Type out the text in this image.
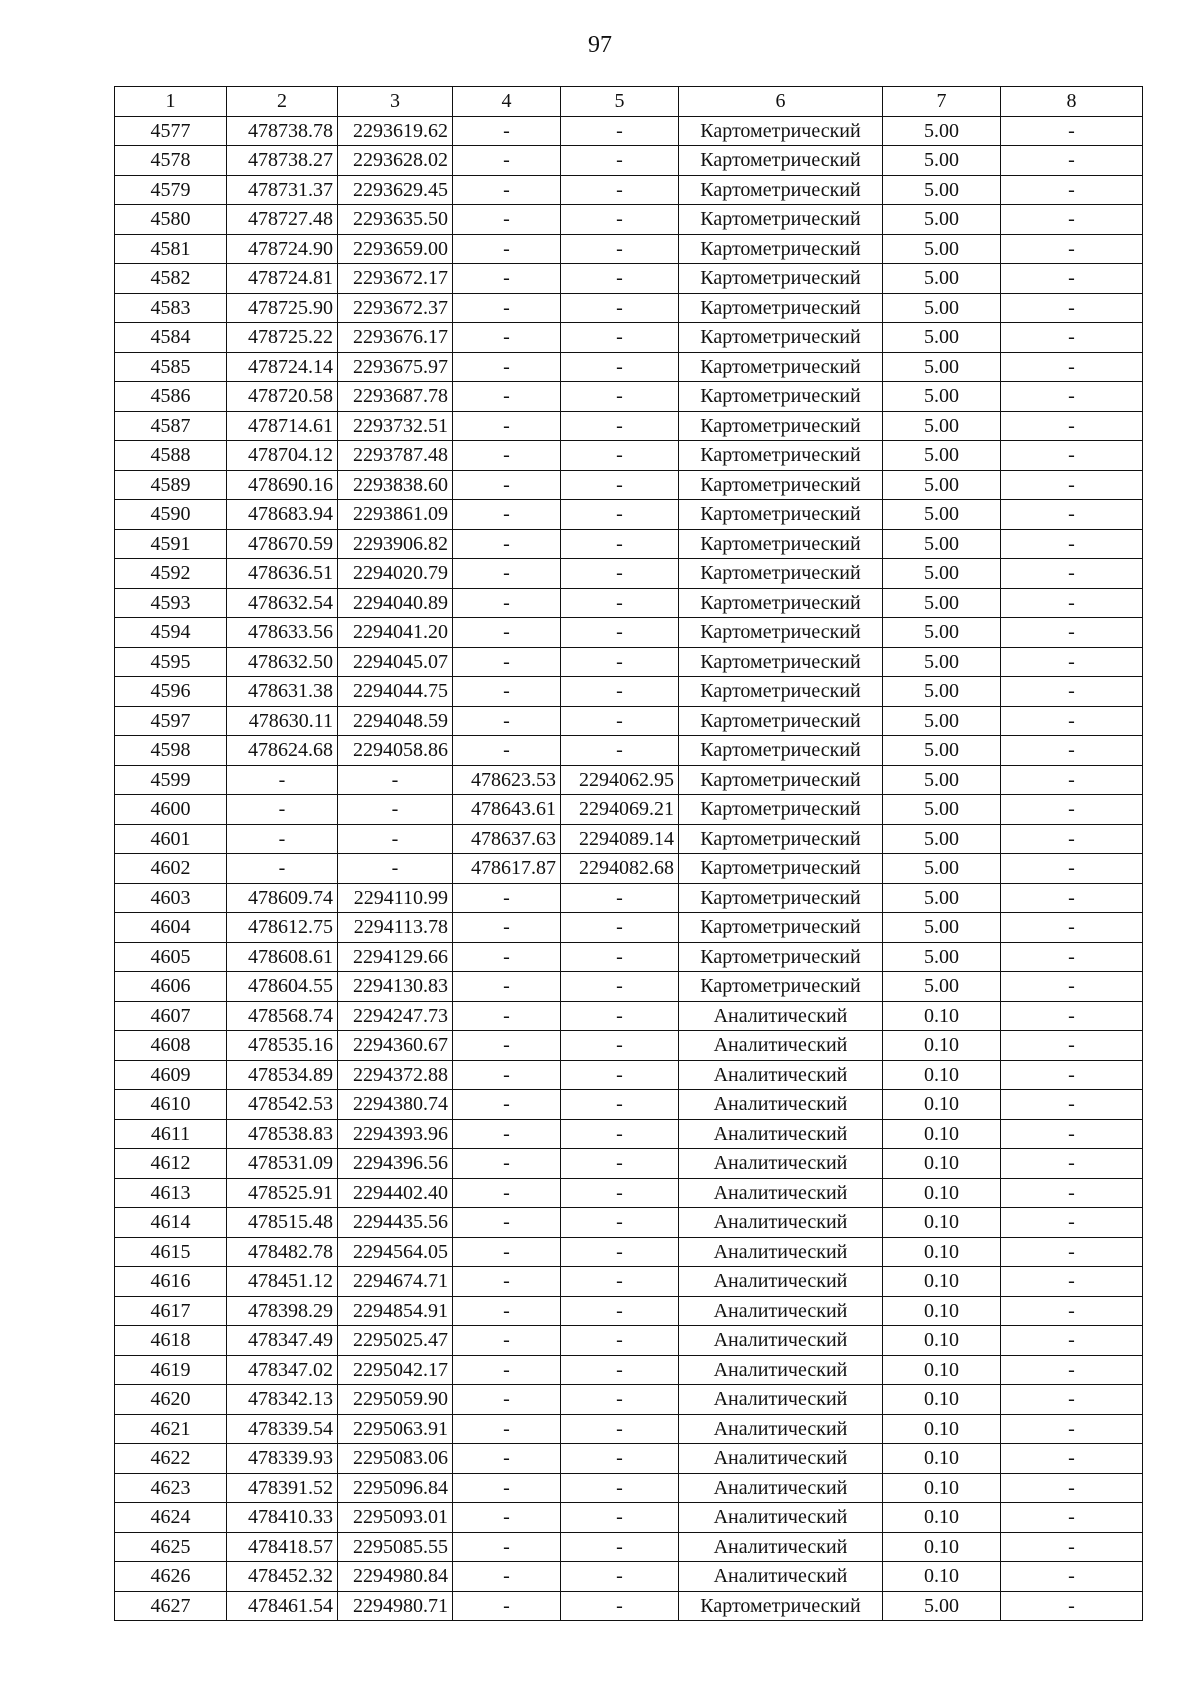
97
1	2	3	4	5	6	7	8
4577	478738.78	2293619.62	-	-	Картометрический	5.00	-
4578	478738.27	2293628.02	-	-	Картометрический	5.00	-
4579	478731.37	2293629.45	-	-	Картометрический	5.00	-
4580	478727.48	2293635.50	-	-	Картометрический	5.00	-
4581	478724.90	2293659.00	-	-	Картометрический	5.00	-
4582	478724.81	2293672.17	-	-	Картометрический	5.00	-
4583	478725.90	2293672.37	-	-	Картометрический	5.00	-
4584	478725.22	2293676.17	-	-	Картометрический	5.00	-
4585	478724.14	2293675.97	-	-	Картометрический	5.00	-
4586	478720.58	2293687.78	-	-	Картометрический	5.00	-
4587	478714.61	2293732.51	-	-	Картометрический	5.00	-
4588	478704.12	2293787.48	-	-	Картометрический	5.00	-
4589	478690.16	2293838.60	-	-	Картометрический	5.00	-
4590	478683.94	2293861.09	-	-	Картометрический	5.00	-
4591	478670.59	2293906.82	-	-	Картометрический	5.00	-
4592	478636.51	2294020.79	-	-	Картометрический	5.00	-
4593	478632.54	2294040.89	-	-	Картометрический	5.00	-
4594	478633.56	2294041.20	-	-	Картометрический	5.00	-
4595	478632.50	2294045.07	-	-	Картометрический	5.00	-
4596	478631.38	2294044.75	-	-	Картометрический	5.00	-
4597	478630.11	2294048.59	-	-	Картометрический	5.00	-
4598	478624.68	2294058.86	-	-	Картометрический	5.00	-
4599	-	-	478623.53	2294062.95	Картометрический	5.00	-
4600	-	-	478643.61	2294069.21	Картометрический	5.00	-
4601	-	-	478637.63	2294089.14	Картометрический	5.00	-
4602	-	-	478617.87	2294082.68	Картометрический	5.00	-
4603	478609.74	2294110.99	-	-	Картометрический	5.00	-
4604	478612.75	2294113.78	-	-	Картометрический	5.00	-
4605	478608.61	2294129.66	-	-	Картометрический	5.00	-
4606	478604.55	2294130.83	-	-	Картометрический	5.00	-
4607	478568.74	2294247.73	-	-	Аналитический	0.10	-
4608	478535.16	2294360.67	-	-	Аналитический	0.10	-
4609	478534.89	2294372.88	-	-	Аналитический	0.10	-
4610	478542.53	2294380.74	-	-	Аналитический	0.10	-
4611	478538.83	2294393.96	-	-	Аналитический	0.10	-
4612	478531.09	2294396.56	-	-	Аналитический	0.10	-
4613	478525.91	2294402.40	-	-	Аналитический	0.10	-
4614	478515.48	2294435.56	-	-	Аналитический	0.10	-
4615	478482.78	2294564.05	-	-	Аналитический	0.10	-
4616	478451.12	2294674.71	-	-	Аналитический	0.10	-
4617	478398.29	2294854.91	-	-	Аналитический	0.10	-
4618	478347.49	2295025.47	-	-	Аналитический	0.10	-
4619	478347.02	2295042.17	-	-	Аналитический	0.10	-
4620	478342.13	2295059.90	-	-	Аналитический	0.10	-
4621	478339.54	2295063.91	-	-	Аналитический	0.10	-
4622	478339.93	2295083.06	-	-	Аналитический	0.10	-
4623	478391.52	2295096.84	-	-	Аналитический	0.10	-
4624	478410.33	2295093.01	-	-	Аналитический	0.10	-
4625	478418.57	2295085.55	-	-	Аналитический	0.10	-
4626	478452.32	2294980.84	-	-	Аналитический	0.10	-
4627	478461.54	2294980.71	-	-	Картометрический	5.00	-
